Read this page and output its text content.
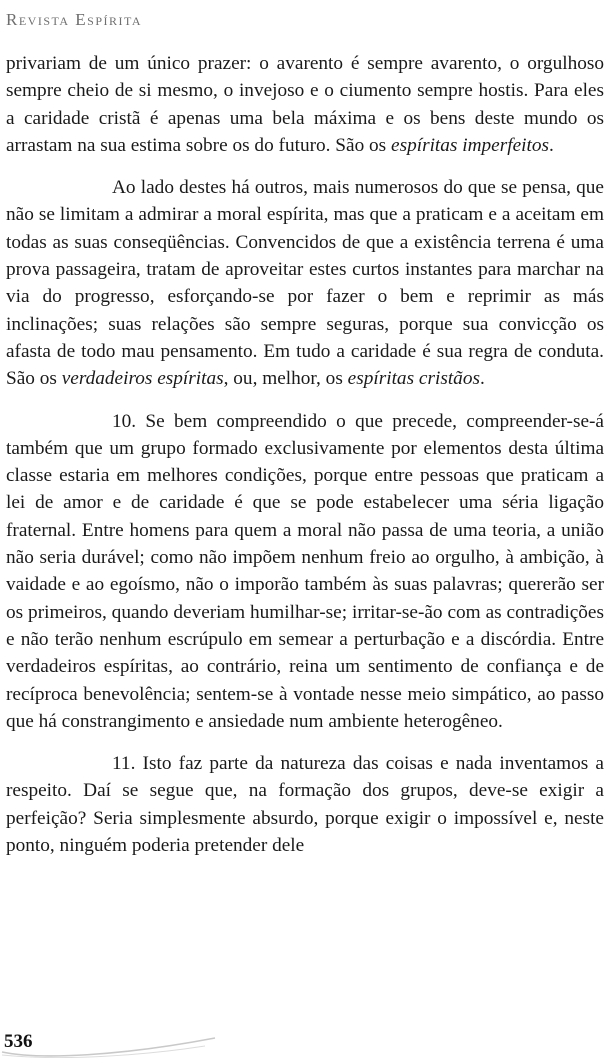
Revista Espírita

privariam de um único prazer: o avarento é sempre avarento, o orgulhoso sempre cheio de si mesmo, o invejoso e o ciumento sempre hostis. Para eles a caridade cristã é apenas uma bela máxima e os bens deste mundo os arrastam na sua estima sobre os do futuro. São os espíritas imperfeitos.

Ao lado destes há outros, mais numerosos do que se pensa, que não se limitam a admirar a moral espírita, mas que a praticam e a aceitam em todas as suas conseqüências. Convencidos de que a existência terrena é uma prova passageira, tratam de aproveitar estes curtos instantes para marchar na via do progresso, esforçando-se por fazer o bem e reprimir as más inclinações; suas relações são sempre seguras, porque sua convicção os afasta de todo mau pensamento. Em tudo a caridade é sua regra de conduta. São os verdadeiros espíritas, ou, melhor, os espíritas cristãos.

10. Se bem compreendido o que precede, compreender-se-á também que um grupo formado exclusivamente por elementos desta última classe estaria em melhores condições, porque entre pessoas que praticam a lei de amor e de caridade é que se pode estabelecer uma séria ligação fraternal. Entre homens para quem a moral não passa de uma teoria, a união não seria durável; como não impõem nenhum freio ao orgulho, à ambição, à vaidade e ao egoísmo, não o imporão também às suas palavras; quererão ser os primeiros, quando deveriam humilhar-se; irritar-se-ão com as contradições e não terão nenhum escrúpulo em semear a perturbação e a discórdia. Entre verdadeiros espíritas, ao contrário, reina um sentimento de confiança e de recíproca benevolência; sentem-se à vontade nesse meio simpático, ao passo que há constrangimento e ansiedade num ambiente heterogêneo.

11. Isto faz parte da natureza das coisas e nada inventamos a respeito. Daí se segue que, na formação dos grupos, deve-se exigir a perfeição? Seria simplesmente absurdo, porque exigir o impossível e, neste ponto, ninguém poderia pretender dele

536
